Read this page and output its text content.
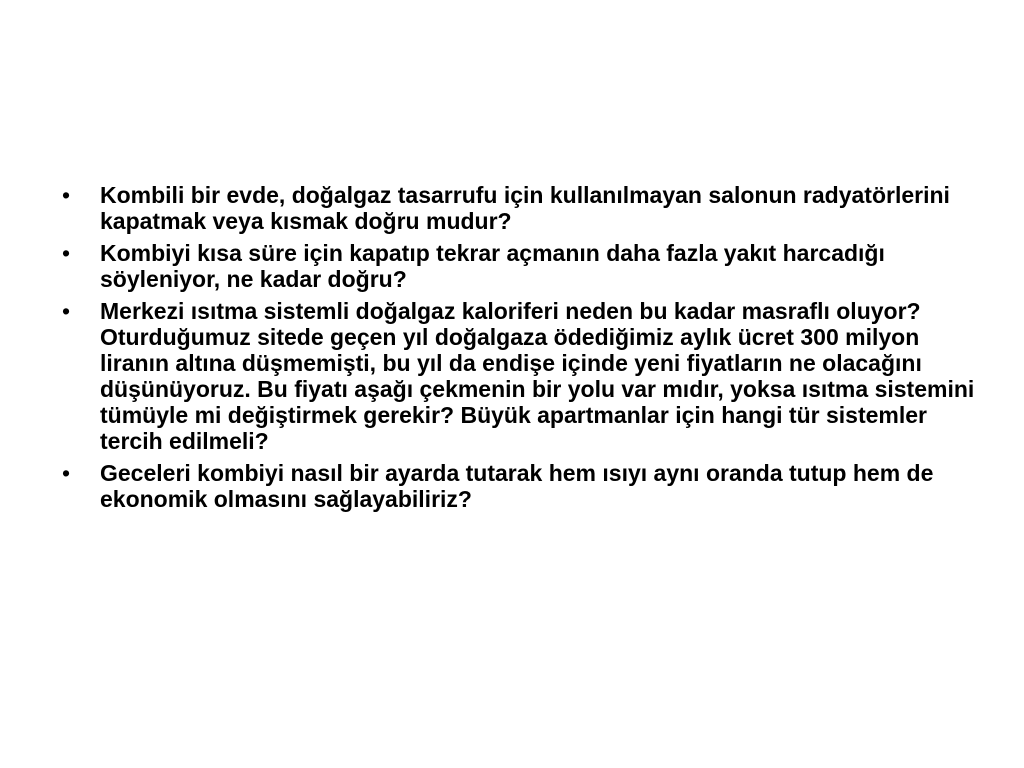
• Kombili bir evde, doğalgaz tasarrufu için kullanılmayan salonun radyatörlerini kapatmak veya kısmak doğru mudur?
• Kombiyi kısa süre için kapatıp tekrar açmanın daha fazla yakıt harcadığı söyleniyor, ne kadar doğru?
• Merkezi ısıtma sistemli doğalgaz kaloriferi neden bu kadar masraflı oluyor? Oturduğumuz sitede geçen yıl doğalgaza ödediğimiz aylık ücret 300 milyon liranın altına düşmemişti, bu yıl da endişe içinde yeni fiyatların ne olacağını düşünüyoruz. Bu fiyatı aşağı çekmenin bir yolu var mıdır, yoksa ısıtma sistemini tümüyle mi değiştirmek gerekir? Büyük apartmanlar için hangi tür sistemler tercih edilmeli?
• Geceleri kombiyi nasıl bir ayarda tutarak hem ısıyı aynı oranda tutup hem de ekonomik olmasını sağlayabiliriz?
